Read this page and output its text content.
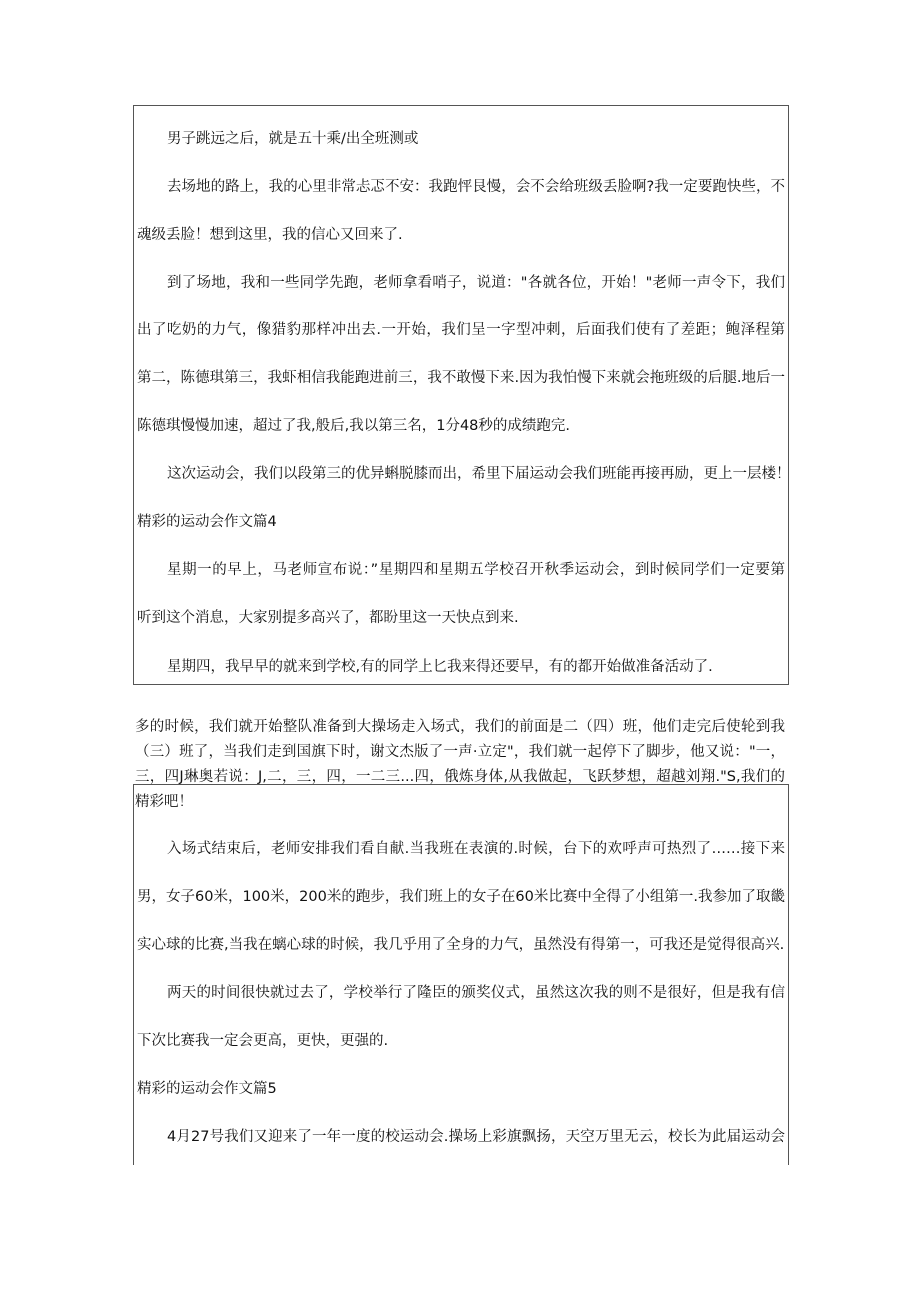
男子跳远之后，就是五十乘/出全班测或
去场地的路上，我的心里非常忐忑不安：我跑怦艮慢，会不会给班级丢脸啊?我一定要跑快些，不
魂级丢脸！想到这里，我的信心又回来了.
到了场地，我和一些同学先跑，老师拿看哨子，说道："各就各位，开始！"老师一声令下，我们
出了吃奶的力气，像猎豹那样冲出去.一开始，我们呈一字型冲刺，后面我们使有了差距；鲍泽程第
第二，陈德琪第三，我虾相信我能跑进前三，我不敢慢下来.因为我怕慢下来就会拖班级的后腿.地后一
陈德琪慢慢加速，超过了我,般后,我以第三名，1分48秒的成绩跑完.
这次运动会，我们以段第三的优异蝌脱膝而出，希里下届运动会我们班能再接再励，更上一层楼！
精彩的运动会作文篇4
星期一的早上，马老师宣布说：”星期四和星期五学校召开秋季运动会，到时候同学们一定要第
听到这个消息，大家别提多高兴了，都盼里这一天快点到来.
星期四，我早早的就来到学校,有的同学上匕我来得还要早，有的都开始做准备活动了.
多的时候，我们就开始整队准备到大操场走入场式，我们的前面是二（四）班，他们走完后使轮到我
（三）班了，当我们走到国旗下时，谢文杰版了一声·立定"，我们就一起停下了脚步，他又说："一，
三，四J琳奥若说：J,二，三，四，一二三...四，俄炼身体,从我做起，飞跃梦想，超越刘翔."S,我们的
精彩吧！
入场式结束后，老师安排我们看自献.当我班在表演的.时候，台下的欢呼声可热烈了……接下来
男，女子60米，100米，200米的跑步，我们班上的女子在60米比赛中全得了小组第一.我参加了取畿
实心球的比赛,当我在螭心球的时候，我几乎用了全身的力气，虽然没有得第一，可我还是觉得很高兴.
两天的时间很快就过去了，学校举行了隆臣的颁奖仪式，虽然这次我的则不是很好，但是我有信
下次比赛我一定会更高，更快，更强的.
精彩的运动会作文篇5
4月27号我们又迎来了一年一度的校运动会.操场上彩旗飘扬，天空万里无云，校长为此届运动会
